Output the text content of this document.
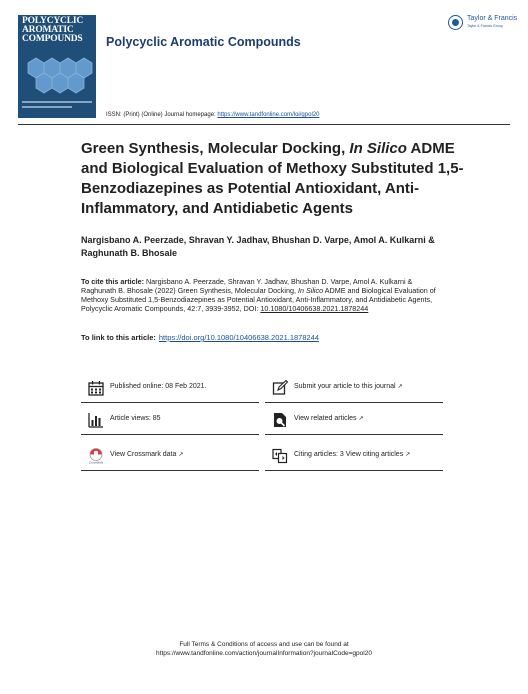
POLYCYCLIC AROMATIC COMPOUNDS	Polycyclic Aromatic Compounds
Taylor & Francis
Taylor & Francis Group
ISSN: (Print) (Online) Journal homepage: https://www.tandfonline.com/loi/gpol20
Green Synthesis, Molecular Docking, In Silico ADME and Biological Evaluation of Methoxy Substituted 1,5-Benzodiazepines as Potential Antioxidant, Anti-Inflammatory, and Antidiabetic Agents
Nargisbano A. Peerzade, Shravan Y. Jadhav, Bhushan D. Varpe, Amol A. Kulkarni & Raghunath B. Bhosale
To cite this article: Nargisbano A. Peerzade, Shravan Y. Jadhav, Bhushan D. Varpe, Amol A. Kulkarni & Raghunath B. Bhosale (2022) Green Synthesis, Molecular Docking, In Silico ADME and Biological Evaluation of Methoxy Substituted 1,5-Benzodiazepines as Potential Antioxidant, Anti-Inflammatory, and Antidiabetic Agents, Polycyclic Aromatic Compounds, 42:7, 3939-3952, DOI: 10.1080/10406638.2021.1878244
To link to this article: https://doi.org/10.1080/10406638.2021.1878244
Published online: 08 Feb 2021.	Submit your article to this journal ↗
Article views: 85	View related articles ↗
CrossMark
View Crossmark data ↗	Citing articles: 3 View citing articles ↗
Full Terms & Conditions of access and use can be found at
https://www.tandfonline.com/action/journalInformation?journalCode=gpol20
